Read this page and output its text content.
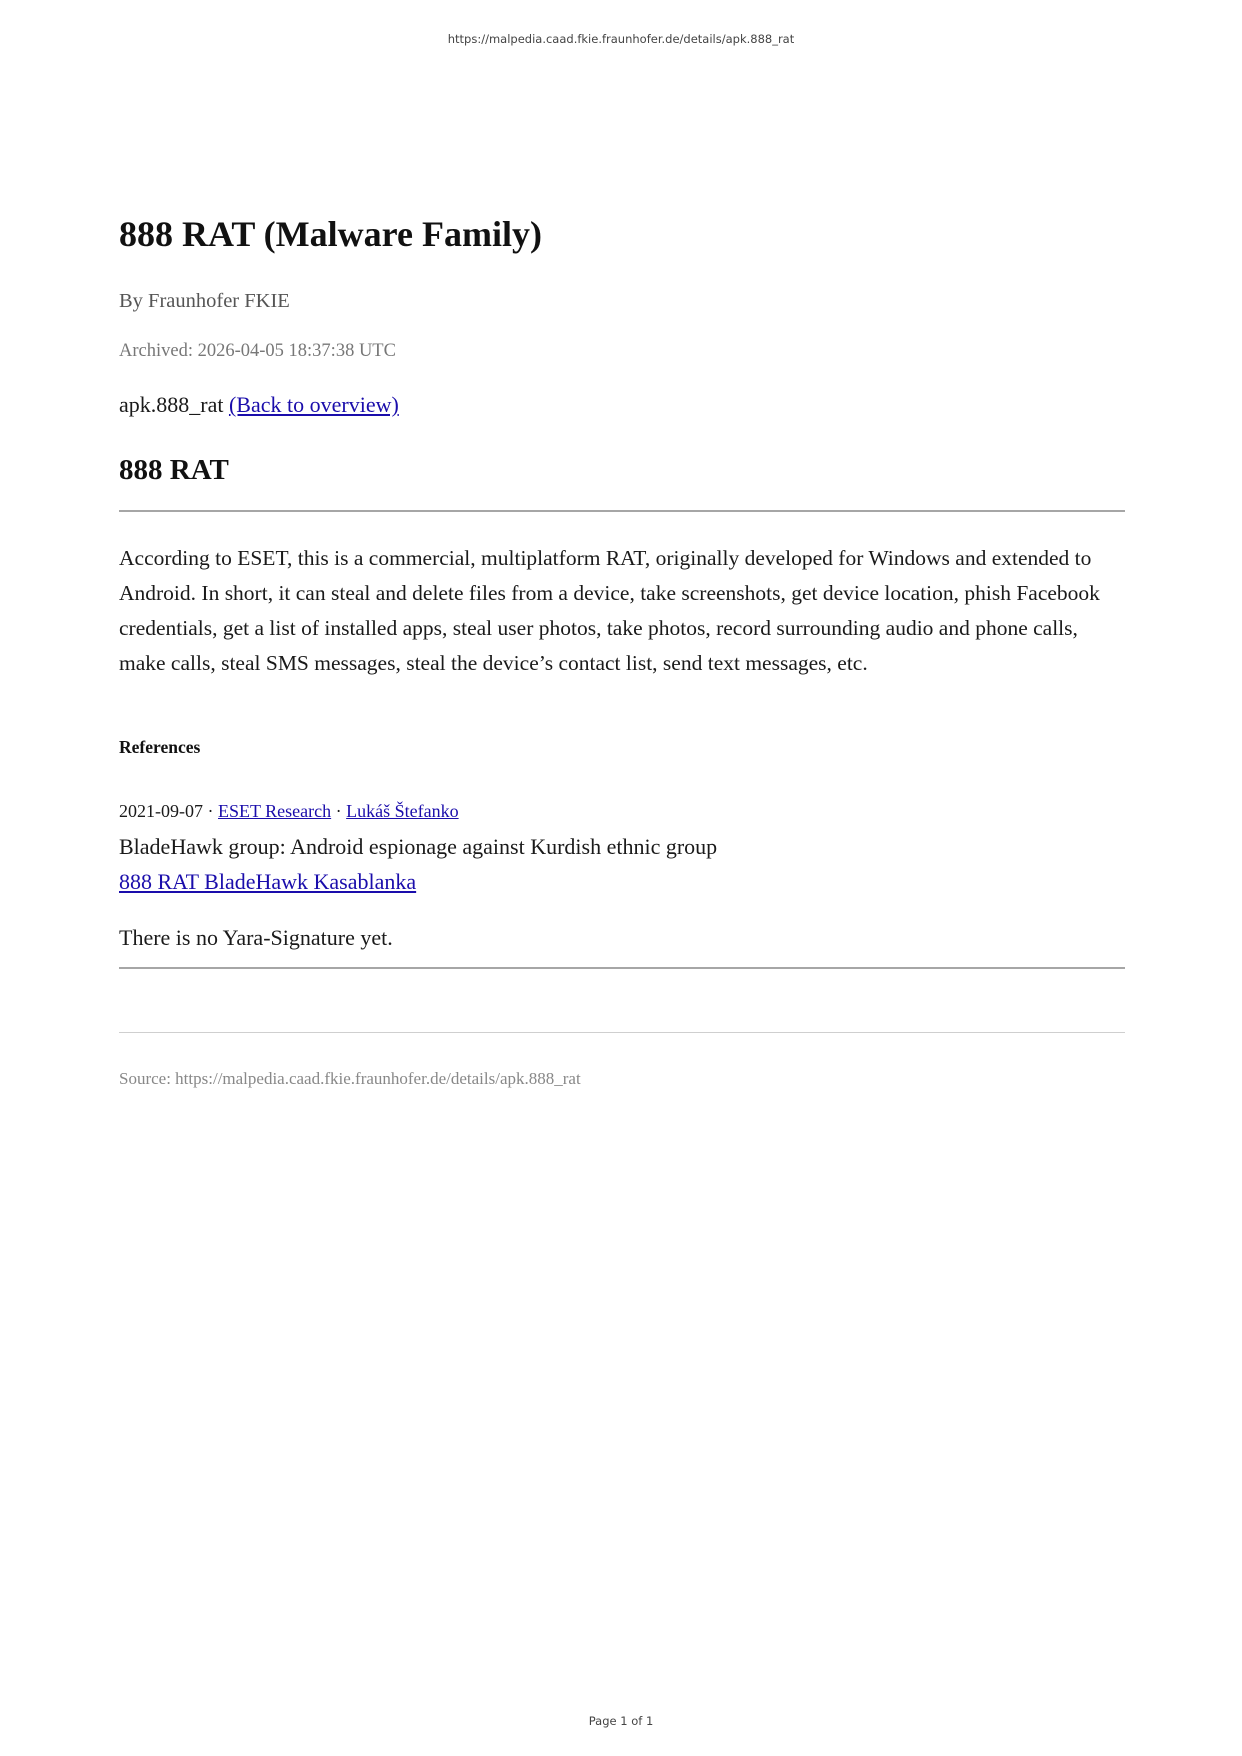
https://malpedia.caad.fkie.fraunhofer.de/details/apk.888_rat
888 RAT (Malware Family)
By Fraunhofer FKIE
Archived: 2026-04-05 18:37:38 UTC
apk.888_rat (Back to overview)
888 RAT

According to ESET, this is a commercial, multiplatform RAT, originally developed for Windows and extended to Android. In short, it can steal and delete files from a device, take screenshots, get device location, phish Facebook credentials, get a list of installed apps, steal user photos, take photos, record surrounding audio and phone calls, make calls, steal SMS messages, steal the device’s contact list, send text messages, etc.

References
2021-09-07 · ESET Research · Lukáš Štefanko
BladeHawk group: Android espionage against Kurdish ethnic group
888 RAT BladeHawk Kasablanka
There is no Yara-Signature yet.
Source: https://malpedia.caad.fkie.fraunhofer.de/details/apk.888_rat
Page 1 of 1
